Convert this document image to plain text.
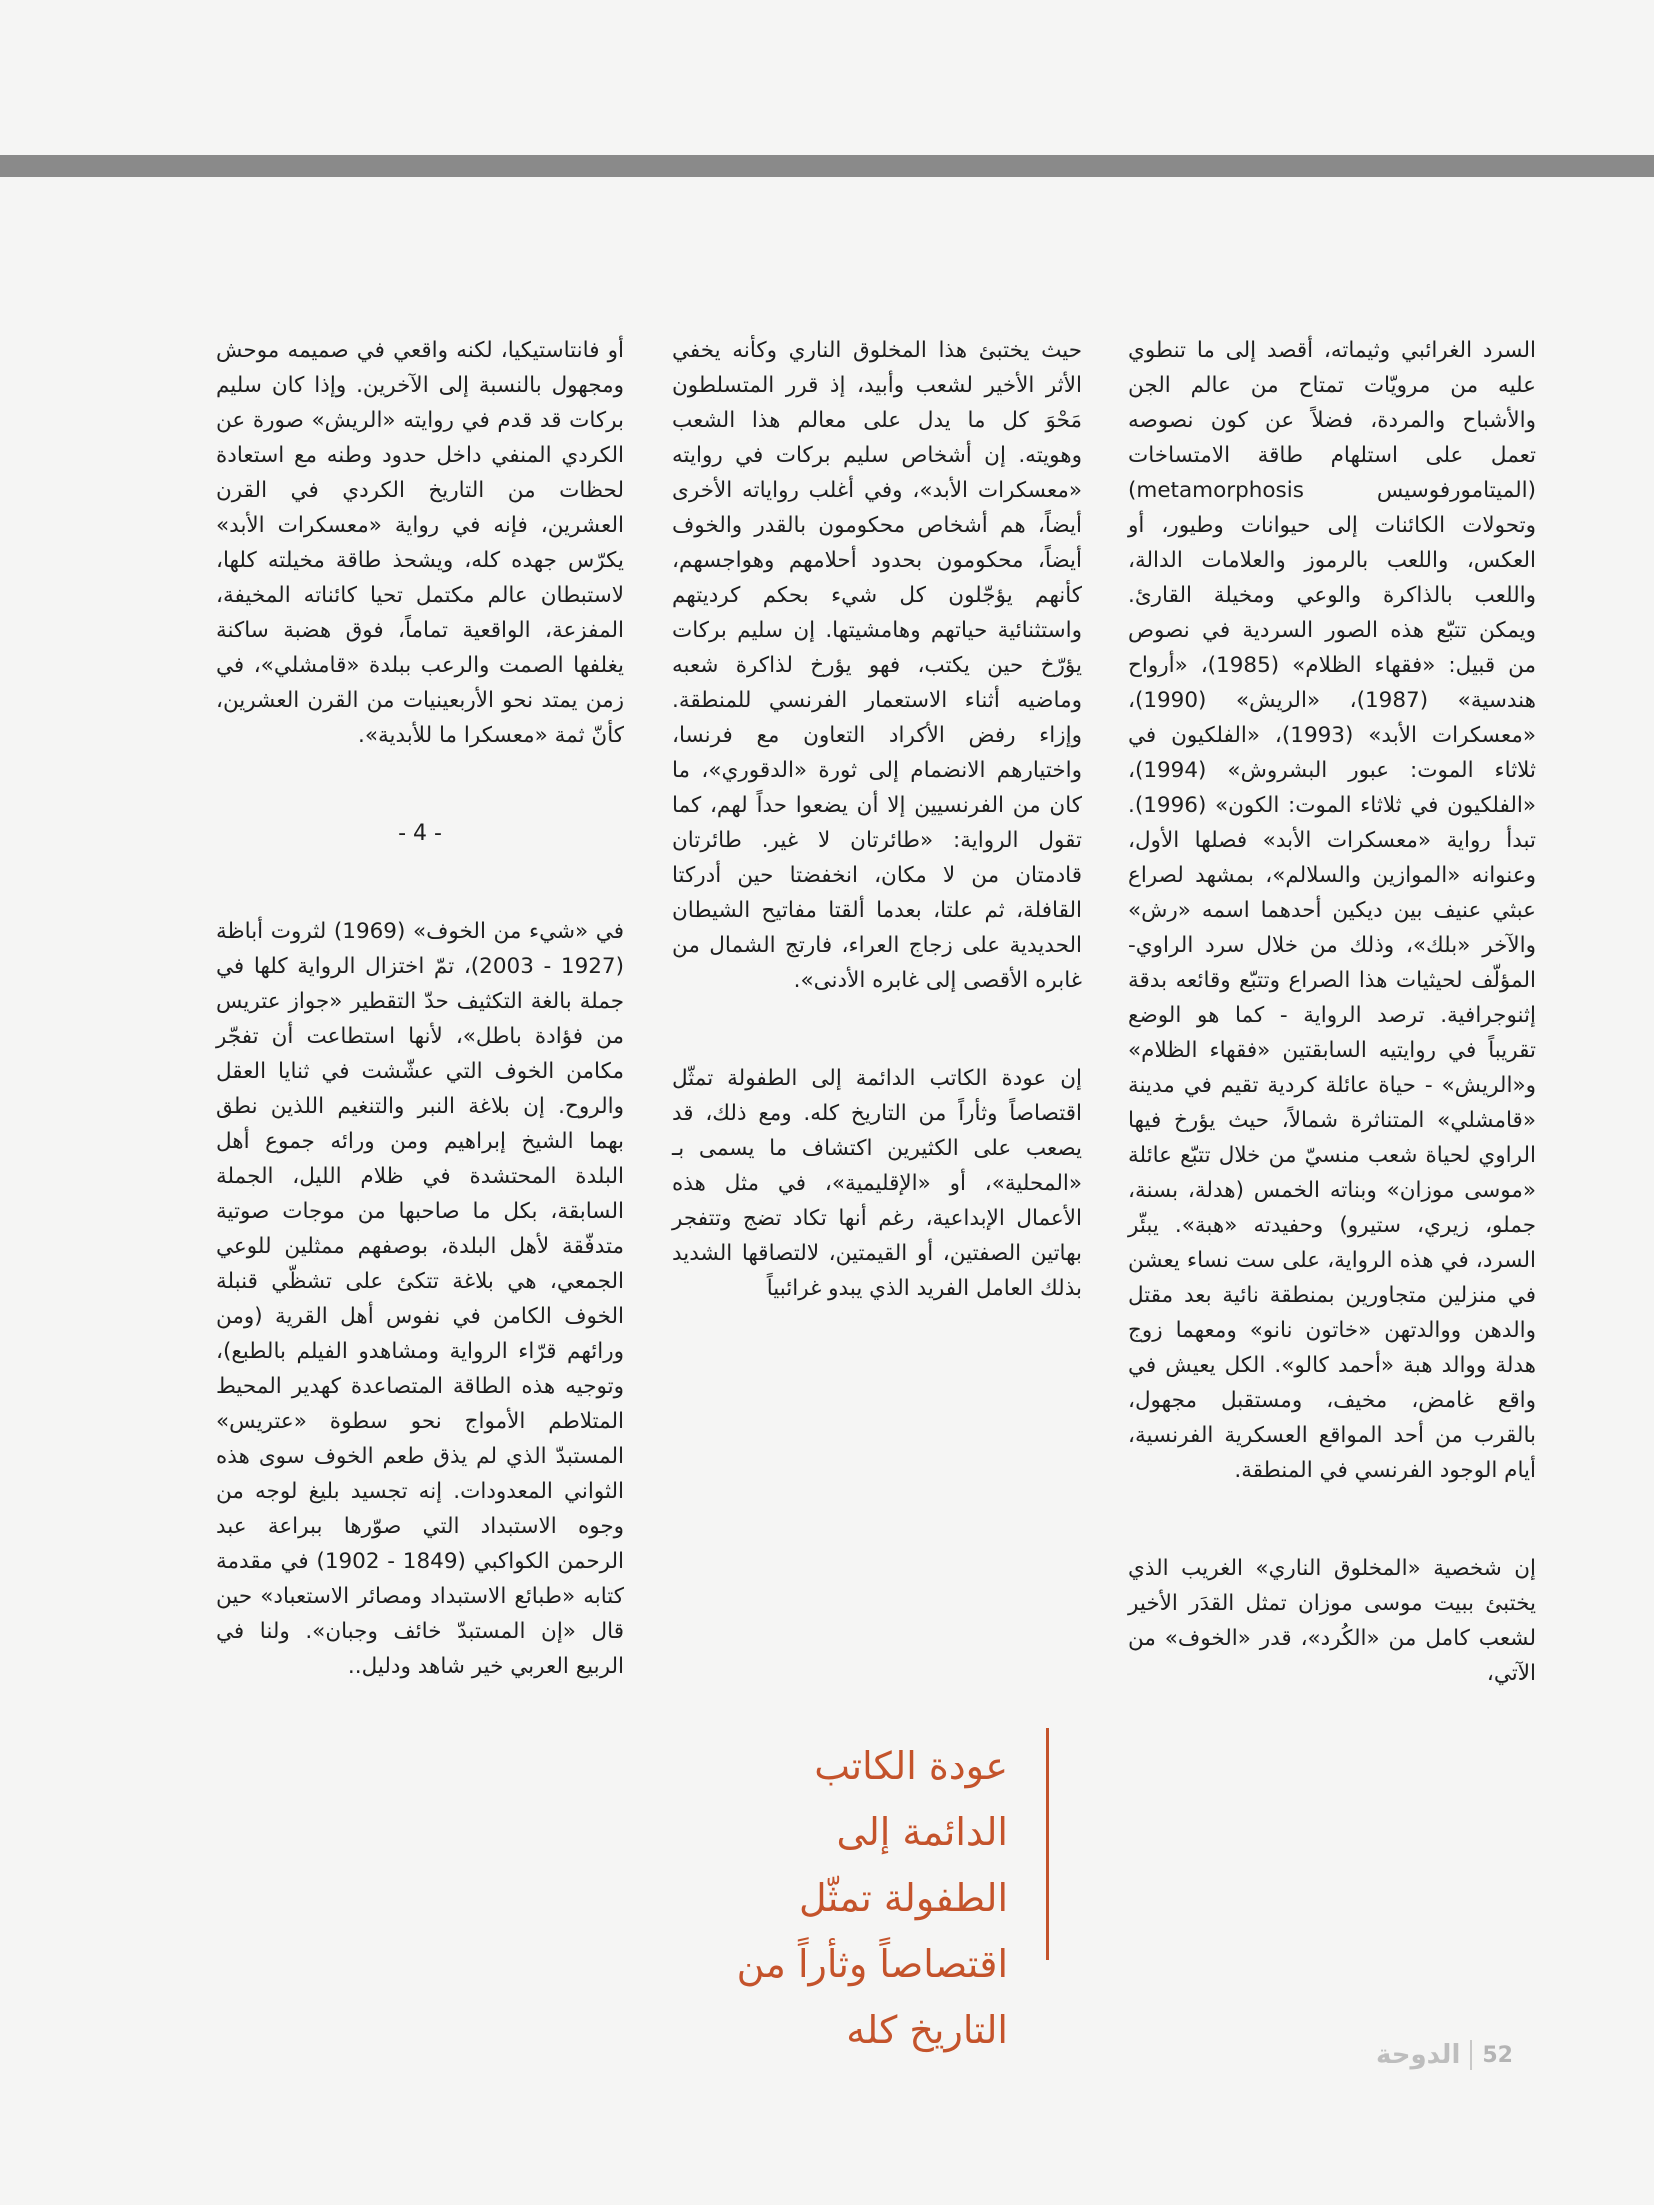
السرد الغرائبي وثيماته، أقصد إلى ما تنطوي عليه من مرويّات تمتاح من عالم الجن والأشباح والمردة، فضلاً عن كون نصوصه تعمل على استلهام طاقة الامتساخات (الميتامورفوسيس metamorphosis) وتحولات الكائنات إلى حيوانات وطيور، أو العكس، واللعب بالرموز والعلامات الدالة، واللعب بالذاكرة والوعي ومخيلة القارئ. ويمكن تتبّع هذه الصور السردية في نصوص من قبيل: «فقهاء الظلام» (1985)، «أرواح هندسية» (1987)، «الريش» (1990)، «معسكرات الأبد» (1993)، «الفلكيون في ثلاثاء الموت: عبور البشروش» (1994)، «الفلكيون في ثلاثاء الموت: الكون» (1996). تبدأ رواية «معسكرات الأبد» فصلها الأول، وعنوانه «الموازين والسلالم»، بمشهد لصراع عبثي عنيف بين ديكين أحدهما اسمه «رش» والآخر «بلك»، وذلك من خلال سرد الراوي-المؤلّف لحيثيات هذا الصراع وتتبّع وقائعه بدقة إثنوجرافية. ترصد الرواية - كما هو الوضع تقريباً في روايتيه السابقتين «فقهاء الظلام» و«الريش» - حياة عائلة كردية تقيم في مدينة «قامشلي» المتناثرة شمالاً، حيث يؤرخ فيها الراوي لحياة شعب منسيّ من خلال تتبّع عائلة «موسى موزان» وبناته الخمس (هدلة، بسنة، جملو، زيري، ستيرو) وحفيدته «هبة». يبئّر السرد، في هذه الرواية، على ست نساء يعشن في منزلين متجاورين بمنطقة نائية بعد مقتل والدهن ووالدتهن «خاتون نانو» ومعهما زوج هدلة ووالد هبة «أحمد كالو». الكل يعيش في واقع غامض، مخيف، ومستقبل مجهول، بالقرب من أحد المواقع العسكرية الفرنسية، أيام الوجود الفرنسي في المنطقة.

إن شخصية «المخلوق الناري» الغريب الذي يختبئ ببيت موسى موزان تمثل القدَر الأخير لشعب كامل من «الكُرد»، قدر «الخوف» من الآتي،

حيث يختبئ هذا المخلوق الناري وكأنه يخفي الأثر الأخير لشعب وأبيد، إذ قرر المتسلطون مَحْوَ كل ما يدل على معالم هذا الشعب وهويته. إن أشخاص سليم بركات في روايته «معسكرات الأبد»، وفي أغلب رواياته الأخرى أيضاً، هم أشخاص محكومون بالقدر والخوف أيضاً، محكومون بحدود أحلامهم وهواجسهم، كأنهم يؤجّلون كل شيء بحكم كرديتهم واستثنائية حياتهم وهامشيتها. إن سليم بركات يؤرّخ حين يكتب، فهو يؤرخ لذاكرة شعبه وماضيه أثناء الاستعمار الفرنسي للمنطقة. وإزاء رفض الأكراد التعاون مع فرنسا، واختيارهم الانضمام إلى ثورة «الدقوري»، ما كان من الفرنسيين إلا أن يضعوا حداً لهم، كما تقول الرواية: «طائرتان لا غير. طائرتان قادمتان من لا مكان، انخفضتا حين أدركتا القافلة، ثم علتا، بعدما ألقتا مفاتيح الشيطان الحديدية على زجاج العراء، فارتج الشمال من غابره الأقصى إلى غابره الأدنى».

إن عودة الكاتب الدائمة إلى الطفولة تمثّل اقتصاصاً وثأراً من التاريخ كله. ومع ذلك، قد يصعب على الكثيرين اكتشاف ما يسمى بـ «المحلية»، أو «الإقليمية»، في مثل هذه الأعمال الإبداعية، رغم أنها تكاد تضج وتتفجر بهاتين الصفتين، أو القيمتين، لالتصاقها الشديد بذلك العامل الفريد الذي يبدو غرائبياً

أو فانتاستيكيا، لكنه واقعي في صميمه موحش ومجهول بالنسبة إلى الآخرين. وإذا كان سليم بركات قد قدم في روايته «الريش» صورة عن الكردي المنفي داخل حدود وطنه مع استعادة لحظات من التاريخ الكردي في القرن العشرين، فإنه في رواية «معسكرات الأبد» يكرّس جهده كله، ويشحذ طاقة مخيلته كلها، لاستبطان عالم مكتمل تحيا كائناته المخيفة، المفزعة، الواقعية تماماً، فوق هضبة ساكنة يغلفها الصمت والرعب ببلدة «قامشلي»، في زمن يمتد نحو الأربعينيات من القرن العشرين، كأنّ ثمة «معسكرا ما للأبدية».

- 4 -

في «شيء من الخوف» (1969) لثروت أباظة (1927 - 2003)، تمّ اختزال الرواية كلها في جملة بالغة التكثيف حدّ التقطير «جواز عتريس من فؤادة باطل»، لأنها استطاعت أن تفجّر مكامن الخوف التي عشّشت في ثنايا العقل والروح. إن بلاغة النبر والتنغيم اللذين نطق بهما الشيخ إبراهيم ومن ورائه جموع أهل البلدة المحتشدة في ظلام الليل، الجملة السابقة، بكل ما صاحبها من موجات صوتية متدفّقة لأهل البلدة، بوصفهم ممثلين للوعي الجمعي، هي بلاغة تتكئ على تشظّي قنبلة الخوف الكامن في نفوس أهل القرية (ومن ورائهم قرّاء الرواية ومشاهدو الفيلم بالطبع)، وتوجيه هذه الطاقة المتصاعدة كهدير المحيط المتلاطم الأمواج نحو سطوة «عتريس» المستبدّ الذي لم يذق طعم الخوف سوى هذه الثواني المعدودات. إنه تجسيد بليغ لوجه من وجوه الاستبداد التي صوّرها ببراعة عبد الرحمن الكواكبي (1849 - 1902) في مقدمة كتابه «طبائع الاستبداد ومصائر الاستعباد» حين قال «إن المستبدّ خائف وجبان». ولنا في الربيع العربي خير شاهد ودليل..

عودة الكاتب
الدائمة إلى
الطفولة تمثّل
اقتصاصاً وثأراً من
التاريخ كله
الدوحة 52
